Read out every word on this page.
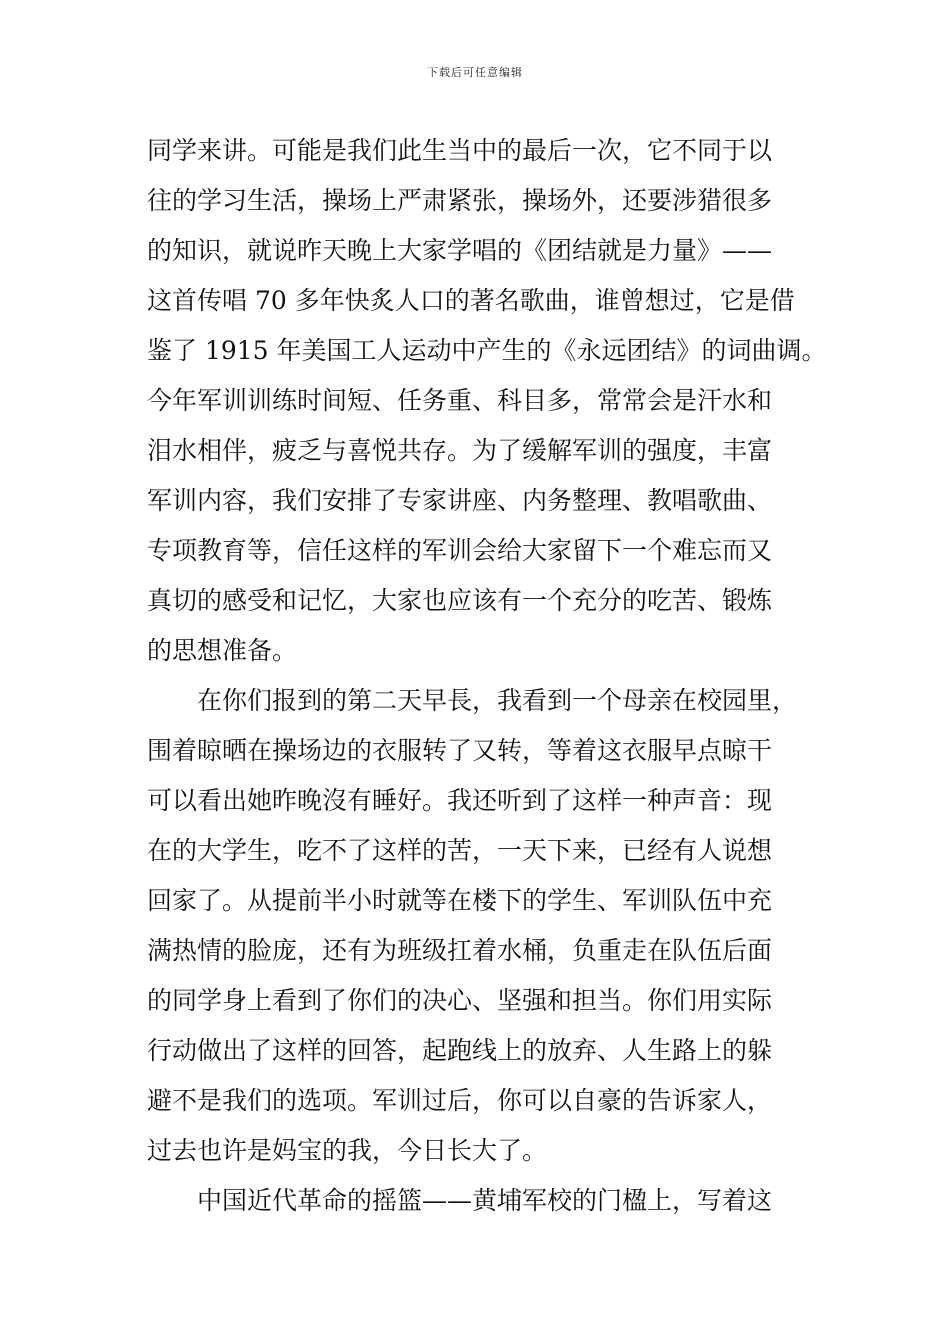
下载后可任意编辑
同学来讲。可能是我们此生当中的最后一次，它不同于以
往的学习生活，操场上严肃紧张，操场外，还要涉猎很多
的知识，就说昨天晚上大家学唱的《团结就是力量》——
这首传唱 70 多年快炙人口的著名歌曲，谁曾想过，它是借
鉴了 1915 年美国工人运动中产生的《永远团结》的词曲调。
今年军训训练时间短、任务重、科目多，常常会是汗水和
泪水相伴，疲乏与喜悦共存。为了缓解军训的强度，丰富
军训内容，我们安排了专家讲座、内务整理、教唱歌曲、
专项教育等，信任这样的军训会给大家留下一个难忘而又
真切的感受和记忆，大家也应该有一个充分的吃苦、锻炼
的思想准备。
在你们报到的第二天早長，我看到一个母亲在校园里，
围着晾晒在操场边的衣服转了又转，等着这衣服早点晾干
可以看出她昨晚沒有睡好。我还听到了这样一种声音：现
在的大学生，吃不了这样的苦，一天下来，已经有人说想
回家了。从提前半小时就等在楼下的学生、军训队伍中充
满热情的脸庞，还有为班级扛着水桶，负重走在队伍后面
的同学身上看到了你们的决心、坚强和担当。你们用实际
行动做出了这样的回答，起跑线上的放弃、人生路上的躲
避不是我们的选项。军训过后，你可以自豪的告诉家人，
过去也许是妈宝的我，今日长大了。
中国近代革命的摇篮——黄埔军校的门楹上，写着这
